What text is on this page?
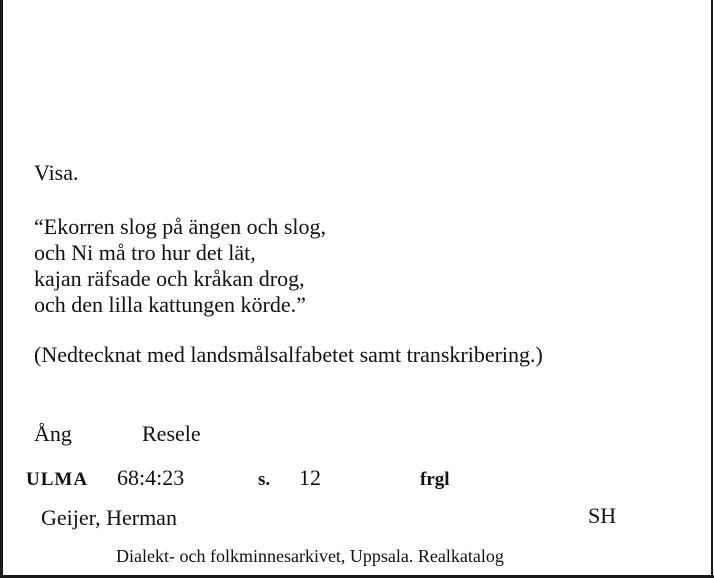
Visa.
“Ekorren slog på ängen och slog,
och Ni må tro hur det lät,
kajan räfsade och kråkan drog,
och den lilla kattungen körde.”
(Nedtecknat med landsmålsalfabetet samt transkribering.)
Ång	Resele
ULMA 68:4:23	s. 12	frgl
Geijer, Herman	SH
Dialekt- och folkminnesarkivet, Uppsala. Realkatalog
